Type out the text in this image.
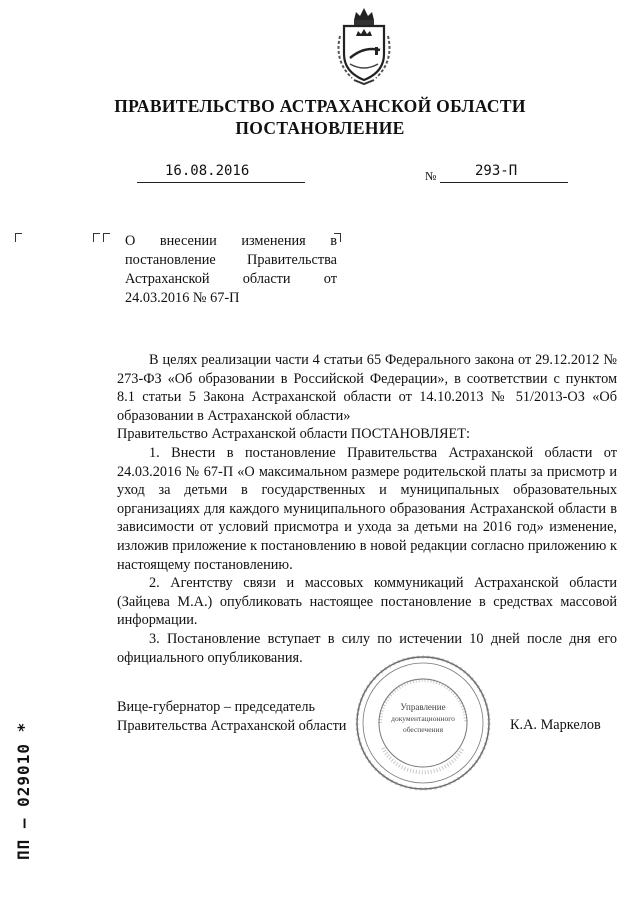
ПРАВИТЕЛЬСТВО АСТРАХАНСКОЙ ОБЛАСТИ
ПОСТАНОВЛЕНИЕ
16.08.2016	№	293-П
О внесении изменения в постановление Правительства Астраханской области от 24.03.2016 № 67-П

В целях реализации части 4 статьи 65 Федерального закона от 29.12.2012 № 273-ФЗ «Об образовании в Российской Федерации», в соответствии с пунктом 8.1 статьи 5 Закона Астраханской области от 14.10.2013 № 51/2013-ОЗ «Об образовании в Астраханской области»

Правительство Астраханской области ПОСТАНОВЛЯЕТ:

1. Внести в постановление Правительства Астраханской области от 24.03.2016 № 67-П «О максимальном размере родительской платы за присмотр и уход за детьми в государственных и муниципальных образовательных организациях для каждого муниципального образования Астраханской области в зависимости от условий присмотра и ухода за детьми на 2016 год» изменение, изложив приложение к постановлению в новой редакции согласно приложению к настоящему постановлению.

2. Агентству связи и массовых коммуникаций Астраханской области (Зайцева М.А.) опубликовать настоящее постановление в средствах массовой информации.

3. Постановление вступает в силу по истечении 10 дней после дня его официального опубликования.

Вице-губернатор – председатель
Правительства Астраханской области	К.А. Маркелов
Управление
документационного
обеспечения
ПП – 029010 *
